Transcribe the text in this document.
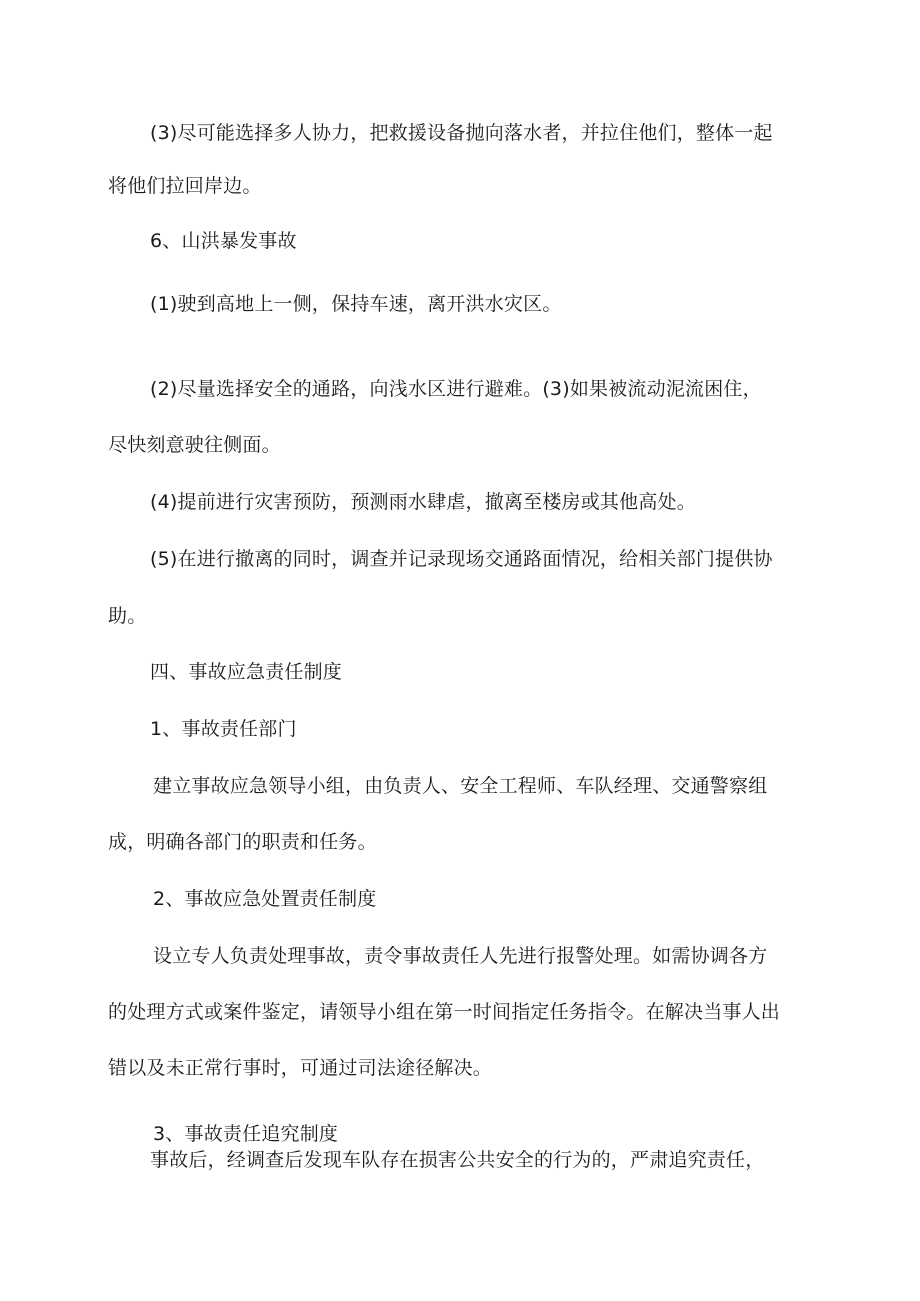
(3)尽可能选择多人协力，把救援设备抛向落水者，并拉住他们，整体一起
将他们拉回岸边。
6、山洪暴发事故
(1)驶到高地上一侧，保持车速，离开洪水灾区。
(2)尽量选择安全的通路，向浅水区进行避难。(3)如果被流动泥流困住，
尽快刻意驶往侧面。
(4)提前进行灾害预防，预测雨水肆虐，撤离至楼房或其他高处。
(5)在进行撤离的同时，调查并记录现场交通路面情况，给相关部门提供协
助。
四、事故应急责任制度
1、事故责任部门
建立事故应急领导小组，由负责人、安全工程师、车队经理、交通警察组
成，明确各部门的职责和任务。
2、事故应急处置责任制度
设立专人负责处理事故，责令事故责任人先进行报警处理。如需协调各方
的处理方式或案件鉴定，请领导小组在第一时间指定任务指令。在解决当事人出
错以及未正常行事时，可通过司法途径解决。
3、事故责任追究制度
事故后，经调查后发现车队存在损害公共安全的行为的，严肃追究责任，
